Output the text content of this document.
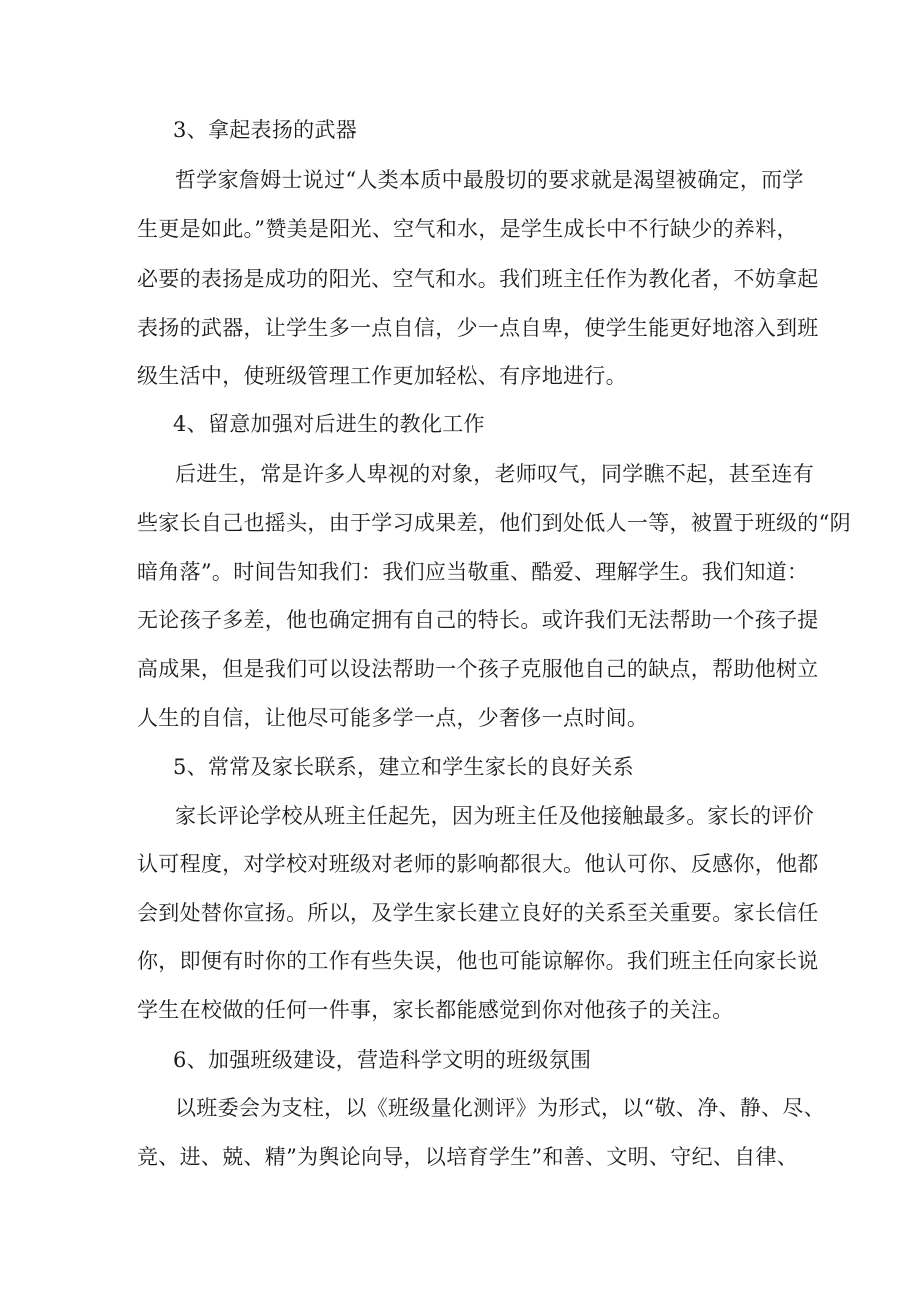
3、拿起表扬的武器
哲学家詹姆士说过“人类本质中最殷切的要求就是渴望被确定，而学
生更是如此。”赞美是阳光、空气和水，是学生成长中不行缺少的养料，
必要的表扬是成功的阳光、空气和水。我们班主任作为教化者，不妨拿起
表扬的武器，让学生多一点自信，少一点自卑，使学生能更好地溶入到班
级生活中，使班级管理工作更加轻松、有序地进行。
4、留意加强对后进生的教化工作
后进生，常是许多人卑视的对象，老师叹气，同学瞧不起，甚至连有
些家长自己也摇头，由于学习成果差，他们到处低人一等，被置于班级的“阴
暗角落”。时间告知我们：我们应当敬重、酷爱、理解学生。我们知道：
无论孩子多差，他也确定拥有自己的特长。或许我们无法帮助一个孩子提
高成果，但是我们可以设法帮助一个孩子克服他自己的缺点，帮助他树立
人生的自信，让他尽可能多学一点，少奢侈一点时间。
5、常常及家长联系，建立和学生家长的良好关系
家长评论学校从班主任起先，因为班主任及他接触最多。家长的评价
认可程度，对学校对班级对老师的影响都很大。他认可你、反感你，他都
会到处替你宣扬。所以，及学生家长建立良好的关系至关重要。家长信任
你，即便有时你的工作有些失误，他也可能谅解你。我们班主任向家长说
学生在校做的任何一件事，家长都能感觉到你对他孩子的关注。
6、加强班级建设，营造科学文明的班级氛围
以班委会为支柱，以《班级量化测评》为形式，以“敬、净、静、尽、
竞、进、兢、精”为舆论向导，以培育学生”和善、文明、守纪、自律、
